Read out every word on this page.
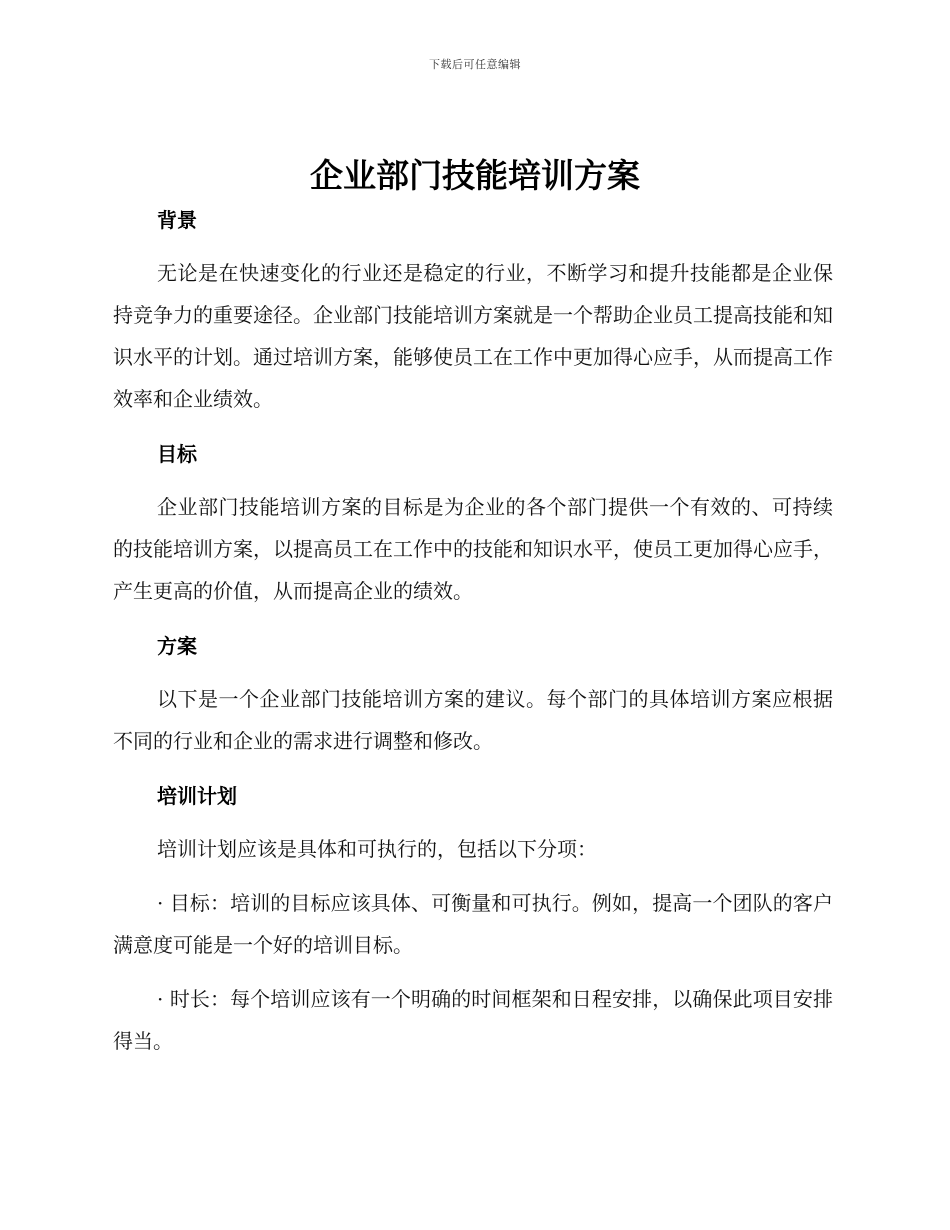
下载后可任意编辑
企业部门技能培训方案
背景

无论是在快速变化的行业还是稳定的行业，不断学习和提升技能都是企业保持竞争力的重要途径。企业部门技能培训方案就是一个帮助企业员工提高技能和知识水平的计划。通过培训方案，能够使员工在工作中更加得心应手，从而提高工作效率和企业绩效。

目标

企业部门技能培训方案的目标是为企业的各个部门提供一个有效的、可持续的技能培训方案，以提高员工在工作中的技能和知识水平，使员工更加得心应手，产生更高的价值，从而提高企业的绩效。

方案

以下是一个企业部门技能培训方案的建议。每个部门的具体培训方案应根据不同的行业和企业的需求进行调整和修改。

培训计划

培训计划应该是具体和可执行的，包括以下分项：

· 目标：培训的目标应该具体、可衡量和可执行。例如，提高一个团队的客户满意度可能是一个好的培训目标。

· 时长：每个培训应该有一个明确的时间框架和日程安排，以确保此项目安排得当。
